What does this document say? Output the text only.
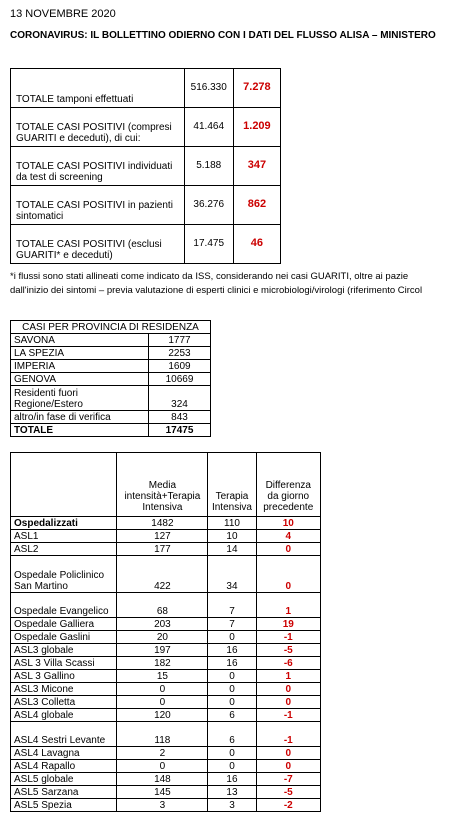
13 NOVEMBRE 2020
CORONAVIRUS: IL BOLLETTINO ODIERNO CON I DATI DEL FLUSSO ALISA – MINISTERO
TOTALE tamponi effettuati	516.330	7.278
TOTALE CASI POSITIVI (compresi GUARITI e deceduti), di cui:	41.464	1.209
TOTALE CASI POSITIVI individuati da test di screening	5.188	347
TOTALE CASI POSITIVI in pazienti sintomatici	36.276	862
TOTALE CASI POSITIVI (esclusi GUARITI* e deceduti)	17.475	46
*i flussi sono stati allineati come indicato da ISS, considerando nei casi GUARITI, oltre ai pazie
dall'inizio dei sintomi – previa valutazione di esperti clinici e microbiologi/virologi (riferimento Circol
CASI PER PROVINCIA DI RESIDENZA	
SAVONA	1777
LA SPEZIA	2253
IMPERIA	1609
GENOVA	10669
Residenti fuori Regione/Estero	324
altro/in fase di verifica	843
TOTALE	17475
	Media intensità+Terapia Intensiva	Terapia Intensiva	Differenza da giorno precedente
Ospedalizzati	1482	110	10
ASL1	127	10	4
ASL2	177	14	0
Ospedale Policlinico San Martino	422	34	0
Ospedale Evangelico	68	7	1
Ospedale Galliera	203	7	19
Ospedale Gaslini	20	0	-1
ASL3 globale	197	16	-5
ASL 3 Villa Scassi	182	16	-6
ASL 3 Gallino	15	0	1
ASL3 Micone	0	0	0
ASL3 Colletta	0	0	0
ASL4 globale	120	6	-1
ASL4 Sestri Levante	118	6	-1
ASL4 Lavagna	2	0	0
ASL4 Rapallo	0	0	0
ASL5 globale	148	16	-7
ASL5 Sarzana	145	13	-5
ASL5 Spezia	3	3	-2
